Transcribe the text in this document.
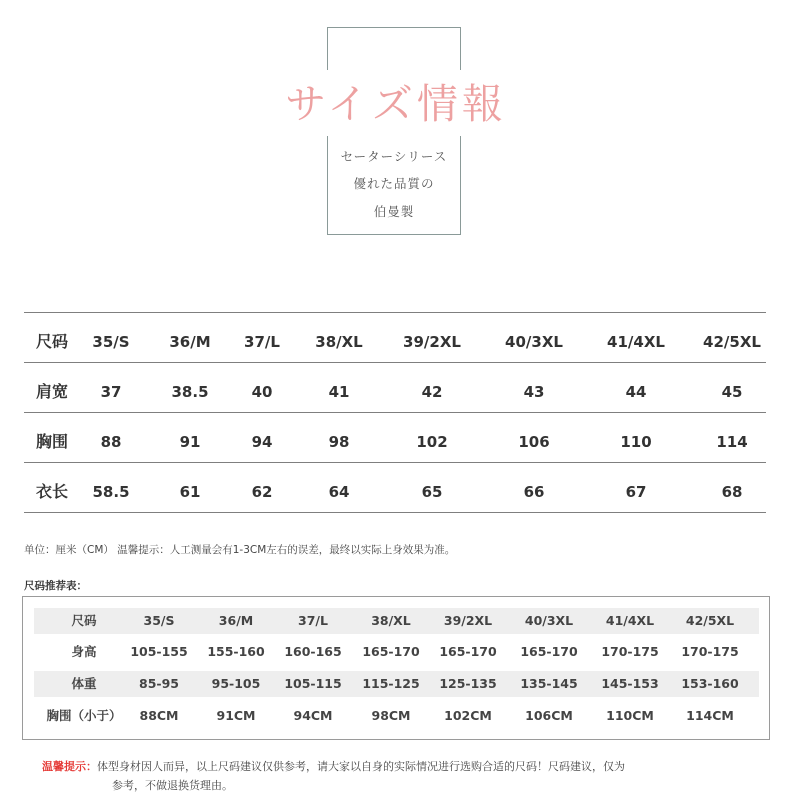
サイズ情報
セーターシリース
優れた品質の
伯曼製
尺码 35/S	36/M 37/L 38/XL	39/2XL	40/3XL	41/4XL	42/5XL
肩宽 37	38.5	40	41	42	43	44	45
胸围 88	91	94	98	102	106	110	114
衣长 58.5	61	62	64	65	66	67	68
单位：厘米（CM） 温馨提示：人工测量会有1-3CM左右的误差，最终以实际上身效果为准。
尺码推荐表：
尺码	35/S	36/M	37/L	38/XL	39/2XL	40/3XL	41/4XL	42/5XL
身高	105-155 155-160 160-165 165-170 165-170 165-170 170-175 170-175
体重	85-95	95-105 105-115 115-125 125-135 135-145 145-153 153-160
胸围（小于） 88CM	91CM	94CM	98CM	102CM	106CM	110CM	114CM
温馨提示：体型身材因人而异，以上尺码建议仅供参考，请大家以自身的实际情况进行选购合适的尺码！尺码建议，仅为
参考，不做退换货理由。
